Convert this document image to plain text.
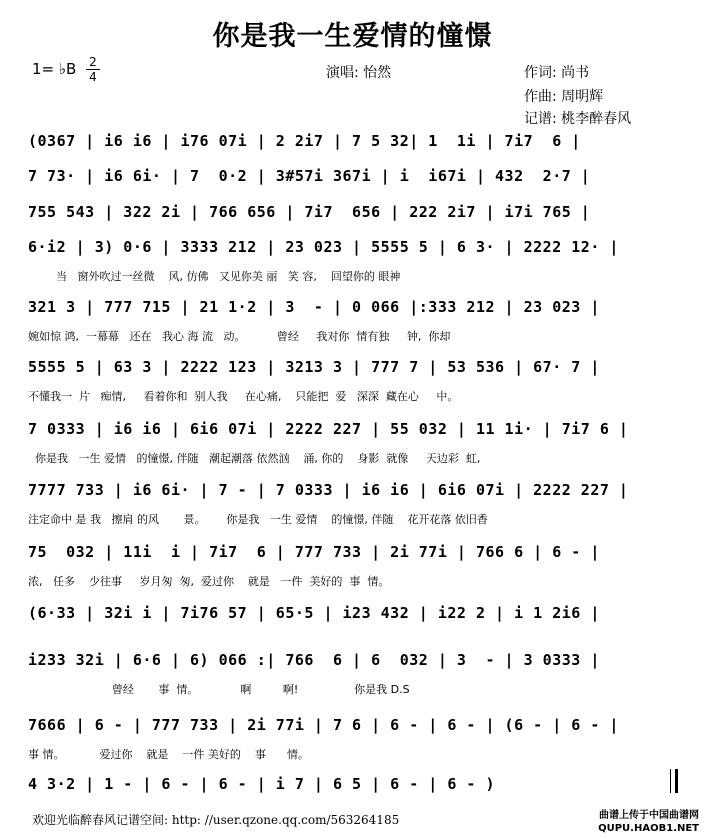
你是我一生爱情的憧憬
1= ♭B 2
4	演唱: 怡然	作词: 尚书
作曲: 周明辉
记谱: 桃李醉春风
(0367 | i6 i6 | i76 07i | 2 2i7 | 7 5 32| 1  1i | 7i7  6 |
7 73· | i6 6i· | 7  0·2 | 3#57i 367i | i  i67i | 432  2·7 |
755 543 | 322 2i | 766 656 | 7i7  656 | 222 2i7 | i7i 765 |
6·i2 | 3) 0·6 | 3333 212 | 23 023 | 5555 5 | 6 3· | 2222 12· |
当   窗外吹过一丝微    风, 仿佛   又见你美 丽   笑 容,    回望你的 眼神
321 3 | 777 715 | 21 1·2 | 3  - | 0 066 |:333 212 | 23 023 |
婉如惊 鸿,  一幕幕   还在   我心 海 流   动。         曾经     我对你  情有独     钟,  你却
5555 5 | 63 3 | 2222 123 | 3213 3 | 777 7 | 53 536 | 67· 7 |
不懂我一  片   痴情,     看着你和  别人我     在心痛,    只能把  爱   深深  藏在心     中。
7 0333 | i6 i6 | 6i6 07i | 2222 227 | 55 032 | 11 1i· | 7i7 6 |
你是我   一生 爱情   的憧憬, 伴随   潮起潮落 依然汹    涌, 你的    身影  就像     天边彩  虹,
7777 733 | i6 6i· | 7 - | 7 0333 | i6 i6 | 6i6 07i | 2222 227 |
注定命中 是 我   擦肩 的风       景。      你是我   一生 爱情    的憧憬, 伴随    花开花落 依旧香
75  032 | 11i  i | 7i7  6 | 777 733 | 2i 77i | 766 6 | 6 - |
浓,   任多    少往事     岁月匆  匆,  爱过你    就是   一件  美好的  事  情。
(6·33 | 32i i | 7i76 57 | 65·5 | i23 432 | i22 2 | i 1 2i6 |
i233 32i | 6·6 | 6) 066 :| 766  6 | 6  032 | 3  - | 3 0333 |
曾经       事  情。            啊         啊!                你是我 D.S
7666 | 6 - | 777 733 | 2i 77i | 7 6 | 6 - | 6 - | (6 - | 6 - |
事 情。          爱过你    就是    一件 美好的    事      情。
4 3·2 | 1 - | 6 - | 6 - | i 7 | 6 5 | 6 - | 6 - )
欢迎光临醉春风记谱空间: http: //user.qzone.qq.com/563264185	曲谱上传于中国曲谱网
QUPU.HAOB1.NET
